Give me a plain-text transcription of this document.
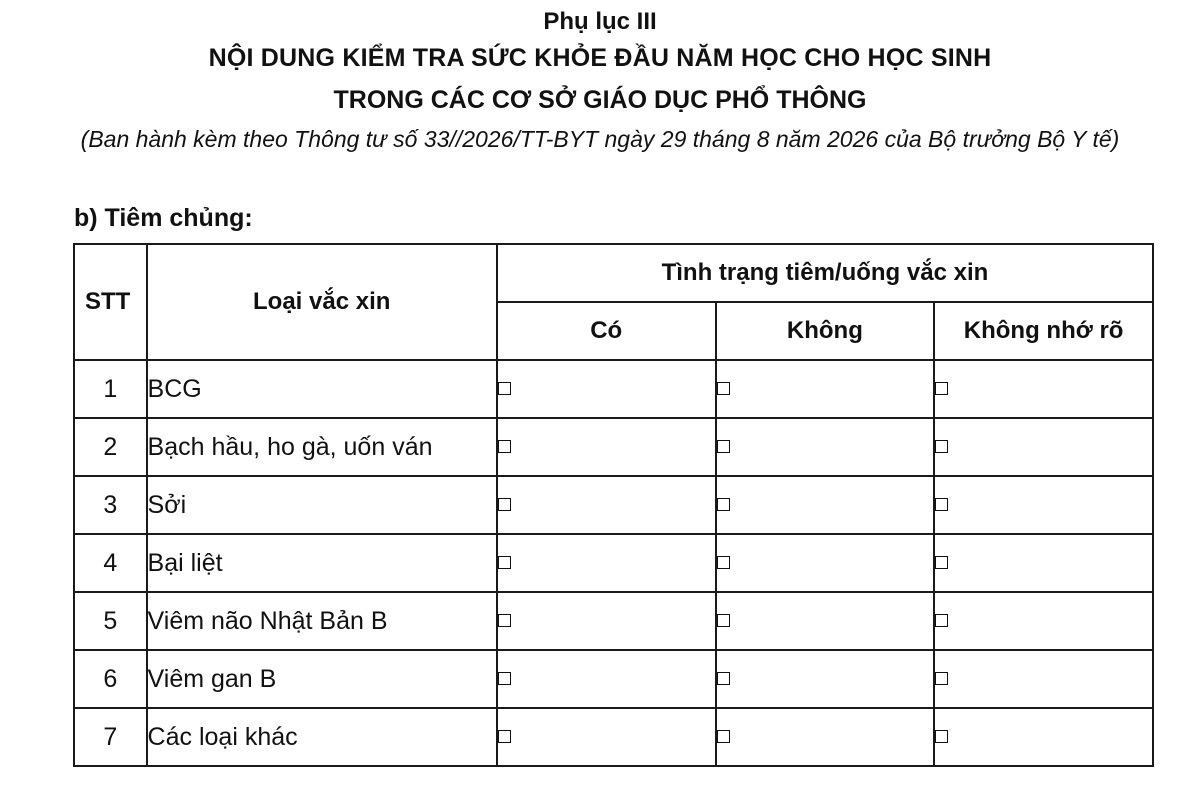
Phụ lục III
NỘI DUNG KIỂM TRA SỨC KHỎE ĐẦU NĂM HỌC CHO HỌC SINH
TRONG CÁC CƠ SỞ GIÁO DỤC PHỔ THÔNG
(Ban hành kèm theo Thông tư số 33//2026/TT-BYT ngày 29 tháng 8 năm 2026 của Bộ trưởng Bộ Y tế)
b) Tiêm chủng:
STT	Loại vắc xin	Tình trạng tiêm/uống vắc xin		
		Có	Không	Không nhớ rõ
1	BCG			
2	Bạch hầu, ho gà, uốn ván			
3	Sởi			
4	Bại liệt			
5	Viêm não Nhật Bản B			
6	Viêm gan B			
7	Các loại khác			
